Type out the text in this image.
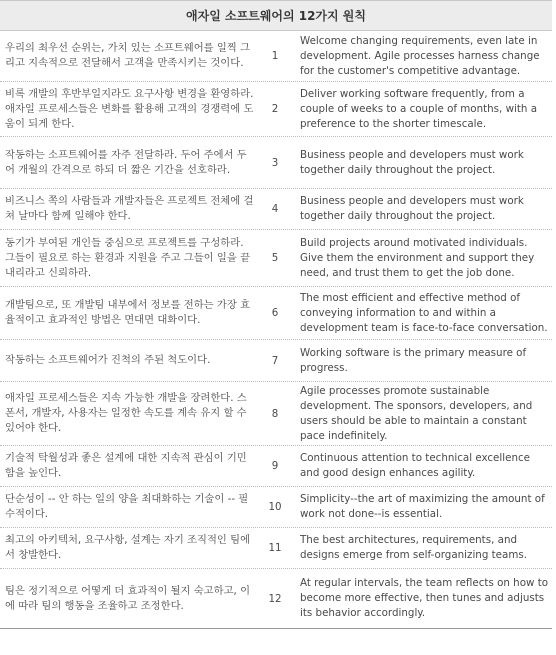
애자일 소프트웨어의 12가지 원칙
우리의 최우선 순위는, 가치 있는 소프트웨어를 일찍 그리고 지속적으로 전달해서 고객을 만족시키는 것이다.
1
Welcome changing requirements, even late in development. Agile processes harness change for the customer's competitive advantage.
비록 개발의 후반부일지라도 요구사항 변경을 환영하라. 애자일 프로세스들은 변화를 활용해 고객의 경쟁력에 도움이 되게 한다.
2
Deliver working software frequently, from a couple of weeks to a couple of months, with a preference to the shorter timescale.
작동하는 소프트웨어를 자주 전달하라. 두어 주에서 두어 개월의 간격으로 하되 더 짧은 기간을 선호하라.
3
Business people and developers must work together daily throughout the project.
비즈니스 쪽의 사람들과 개발자들은 프로젝트 전체에 걸쳐 날마다 함께 일해야 한다.
4
Business people and developers must work together daily throughout the project.
동기가 부여된 개인들 중심으로 프로젝트를 구성하라. 그들이 필요로 하는 환경과 지원을 주고 그들이 일을 끝내리라고 신뢰하라.
5
Build projects around motivated individuals. Give them the environment and support they need, and trust them to get the job done.
개발팀으로, 또 개발팀 내부에서 정보를 전하는 가장 효율적이고 효과적인 방법은 면대면 대화이다.
6
The most efficient and effective method of conveying information to and within a development team is face-to-face conversation.
작동하는 소프트웨어가 진척의 주된 척도이다.	7
Working software is the primary measure of progress.
애자일 프로세스들은 지속 가능한 개발을 장려한다. 스폰서, 개발자, 사용자는 일정한 속도를 계속 유지 할 수 있어야 한다.
8
Agile processes promote sustainable development. The sponsors, developers, and users should be able to maintain a constant pace indefinitely.
기술적 탁월성과 좋은 설계에 대한 지속적 관심이 기민함을 높인다.
9
Continuous attention to technical excellence and good design enhances agility.
단순성이 -- 안 하는 일의 양을 최대화하는 기술이 -- 필수적이다.
10
Simplicity--the art of maximizing the amount of work not done--is essential.
최고의 아키텍처, 요구사항, 설계는 자기 조직적인 팀에서 창발한다.
11
The best architectures, requirements, and designs emerge from self-organizing teams.
팀은 정기적으로 어떻게 더 효과적이 될지 숙고하고, 이에 따라 팀의 행동을 조율하고 조정한다.
12
At regular intervals, the team reflects on how to become more effective, then tunes and adjusts its behavior accordingly.
